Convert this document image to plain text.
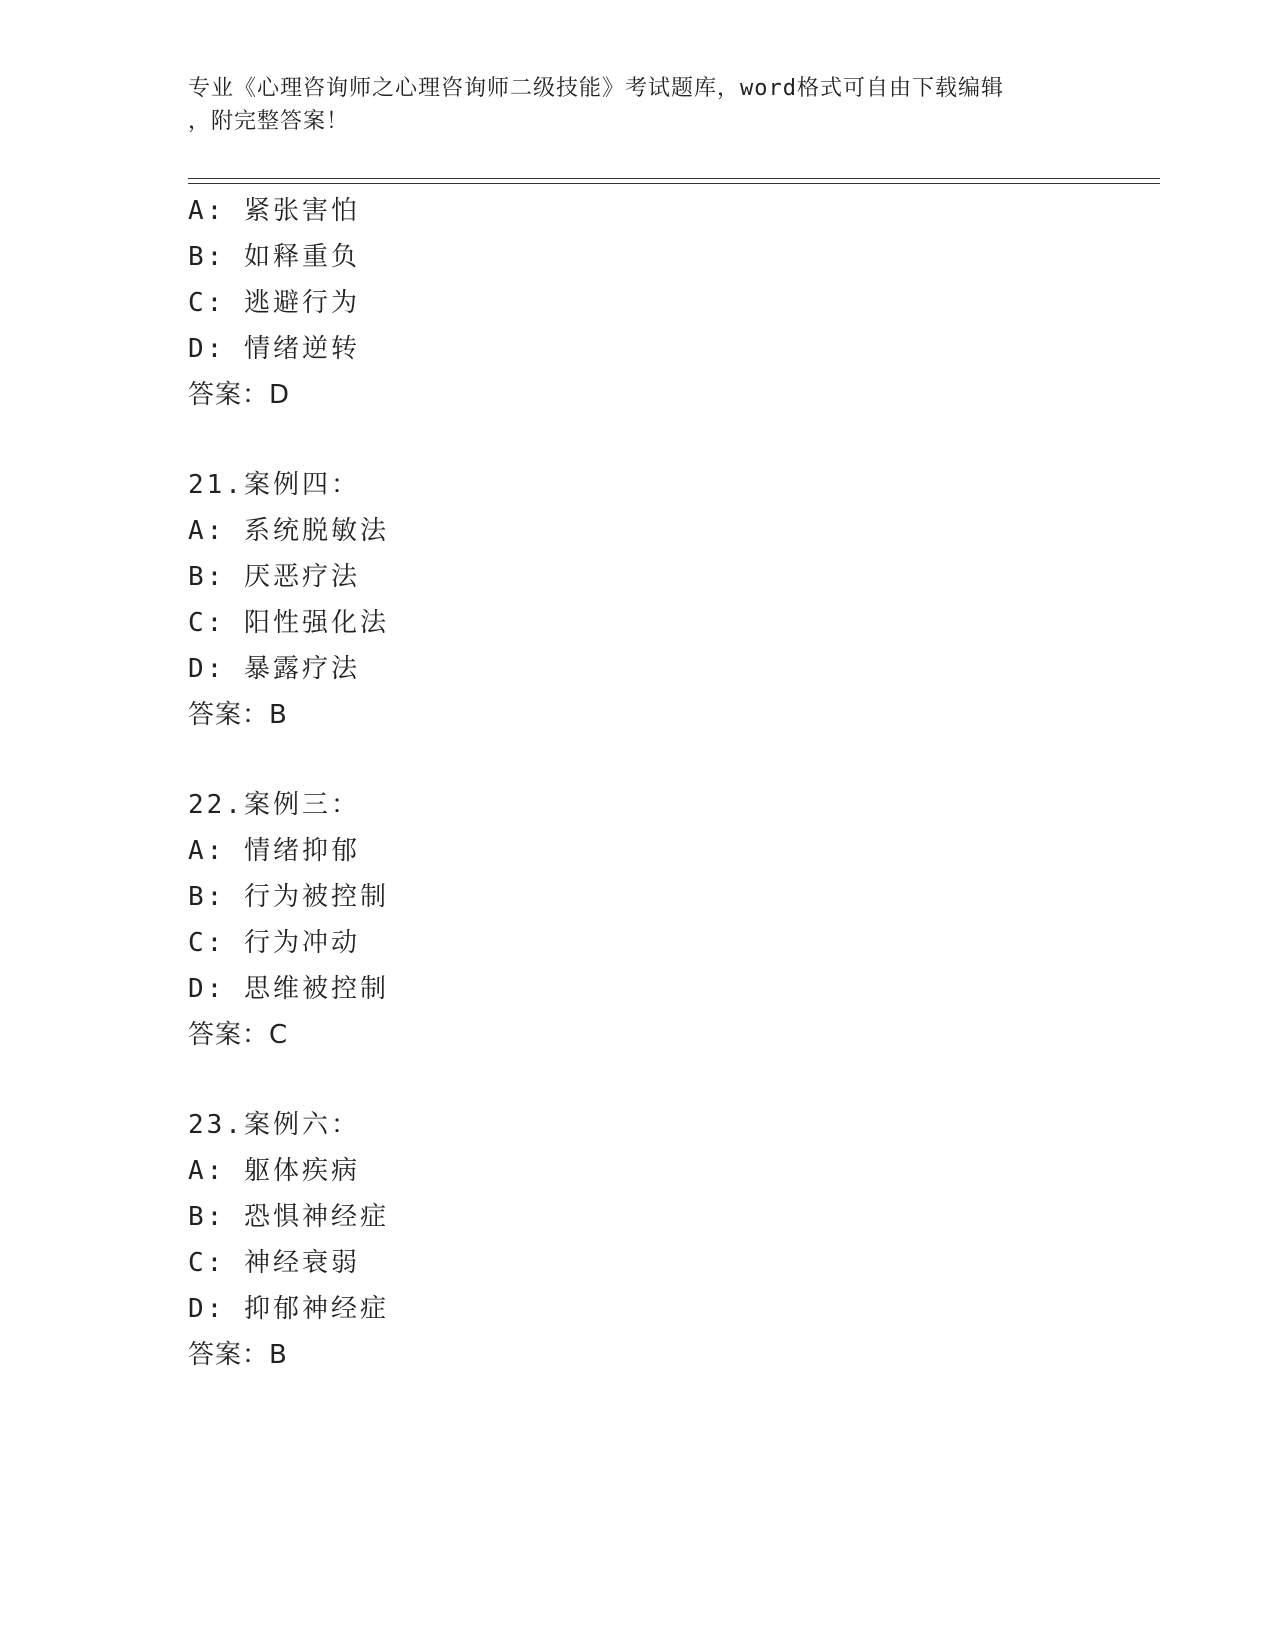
专业《心理咨询师之心理咨询师二级技能》考试题库，word格式可自由下载编辑
，附完整答案！
A: 紧张害怕
B: 如释重负
C: 逃避行为
D: 情绪逆转
答案：D
21.案例四：
A: 系统脱敏法
B: 厌恶疗法
C: 阳性强化法
D: 暴露疗法
答案：B
22.案例三：
A: 情绪抑郁
B: 行为被控制
C: 行为冲动
D: 思维被控制
答案：C
23.案例六：
A: 躯体疾病
B: 恐惧神经症
C: 神经衰弱
D: 抑郁神经症
答案：B
